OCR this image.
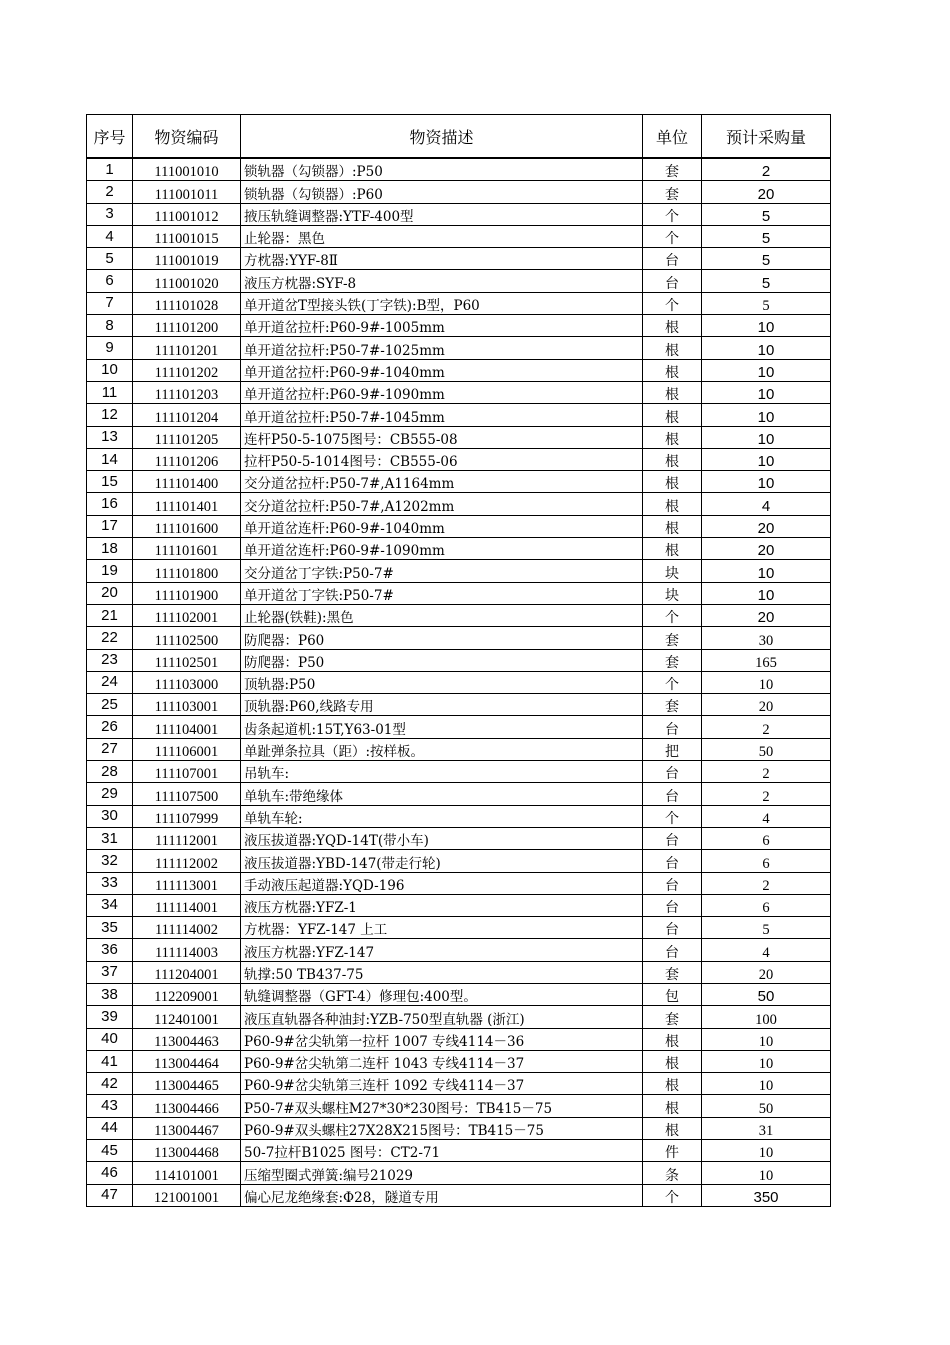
序号	物资编码	物资描述	单位	预计采购量
1	111001010	锁轨器（勾锁器）:P50	套	2
2	111001011	锁轨器（勾锁器）:P60	套	20
3	111001012	掖压轨缝调整器:YTF-400型	个	5
4	111001015	止轮器：黑色	个	5
5	111001019	方枕器:YYF-8Ⅱ	台	5
6	111001020	液压方枕器:SYF-8	台	5
7	111101028	单开道岔T型接头铁(丁字铁):B型，P60	个	5
8	111101200	单开道岔拉杆:P60-9#-1005mm	根	10
9	111101201	单开道岔拉杆:P50-7#-1025mm	根	10
10	111101202	单开道岔拉杆:P60-9#-1040mm	根	10
11	111101203	单开道岔拉杆:P60-9#-1090mm	根	10
12	111101204	单开道岔拉杆:P50-7#-1045mm	根	10
13	111101205	连杆P50-5-1075图号：CB555-08	根	10
14	111101206	拉杆P50-5-1014图号：CB555-06	根	10
15	111101400	交分道岔拉杆:P50-7#,A1164mm	根	10
16	111101401	交分道岔拉杆:P50-7#,A1202mm	根	4
17	111101600	单开道岔连杆:P60-9#-1040mm	根	20
18	111101601	单开道岔连杆:P60-9#-1090mm	根	20
19	111101800	交分道岔丁字铁:P50-7#	块	10
20	111101900	单开道岔丁字铁:P50-7#	块	10
21	111102001	止轮器(铁鞋):黑色	个	20
22	111102500	防爬器：P60	套	30
23	111102501	防爬器：P50	套	165
24	111103000	顶轨器:P50	个	10
25	111103001	顶轨器:P60,线路专用	套	20
26	111104001	齿条起道机:15T,Y63-01型	台	2
27	111106001	单趾弹条拉具（距）:按样板。	把	50
28	111107001	吊轨车:	台	2
29	111107500	单轨车:带绝缘体	台	2
30	111107999	单轨车轮:	个	4
31	111112001	液压拔道器:YQD-14T(带小车)	台	6
32	111112002	液压拔道器:YBD-147(带走行轮)	台	6
33	111113001	手动液压起道器:YQD-196	台	2
34	111114001	液压方枕器:YFZ-1	台	6
35	111114002	方枕器：YFZ-147 上工	台	5
36	111114003	液压方枕器:YFZ-147	台	4
37	111204001	轨撑:50 TB437-75	套	20
38	112209001	轨缝调整器（GFT-4）修理包:400型。	包	50
39	112401001	液压直轨器各种油封:YZB-750型直轨器 (浙江)	套	100
40	113004463	P60-9#岔尖轨第一拉杆 1007 专线4114－36	根	10
41	113004464	P60-9#岔尖轨第二连杆 1043 专线4114－37	根	10
42	113004465	P60-9#岔尖轨第三连杆 1092 专线4114－37	根	10
43	113004466	P50-7#双头螺柱M27*30*230图号：TB415－75	根	50
44	113004467	P60-9#双头螺柱27X28X215图号：TB415－75	根	31
45	113004468	50-7拉杆B1025 图号：CT2-71	件	10
46	114101001	压缩型圈式弹簧:编号21029	条	10
47	121001001	偏心尼龙绝缘套:Φ28，隧道专用	个	350
